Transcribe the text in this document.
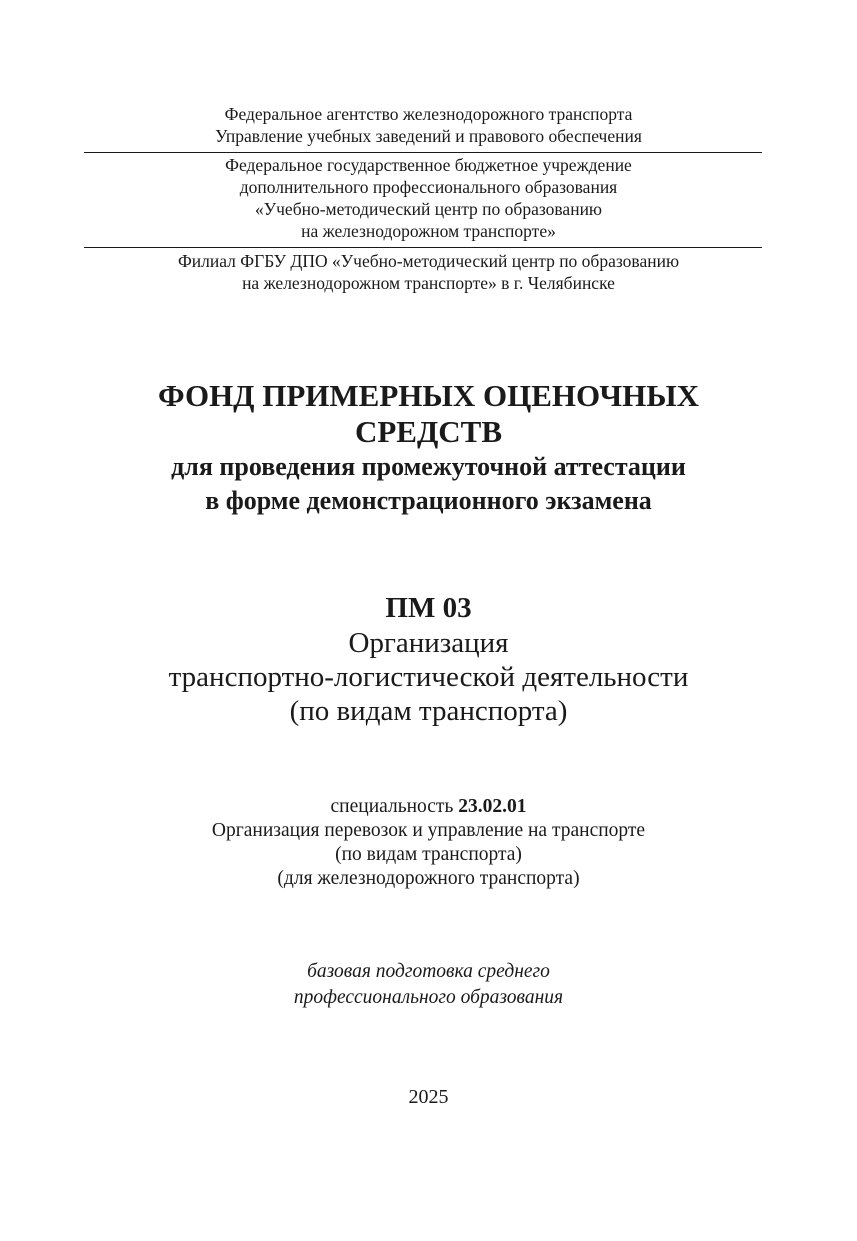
Федеральное агентство железнодорожного транспорта
Управление учебных заведений и правового обеспечения
Федеральное государственное бюджетное учреждение
дополнительного профессионального образования
«Учебно-методический центр по образованию
на железнодорожном транспорте»
Филиал ФГБУ ДПО «Учебно-методический центр по образованию
на железнодорожном транспорте» в г. Челябинске
ФОНД ПРИМЕРНЫХ ОЦЕНОЧНЫХ
СРЕДСТВ
для проведения промежуточной аттестации
в форме демонстрационного экзамена
ПМ 03
Организация
транспортно-логистической деятельности
(по видам транспорта)
специальность 23.02.01
Организация перевозок и управление на транспорте
(по видам транспорта)
(для железнодорожного транспорта)
базовая подготовка среднего
профессионального образования
2025
